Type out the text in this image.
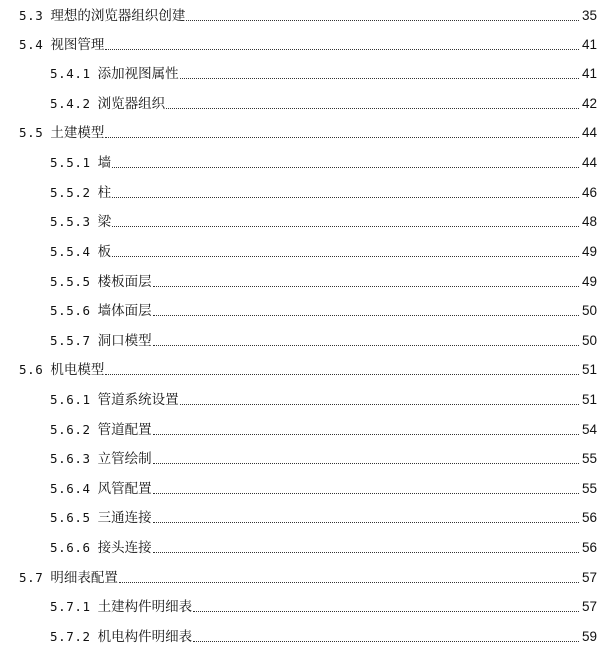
5.3 理想的浏览器组织创建	35
5.4 视图管理	41
5.4.1 添加视图属性	41
5.4.2 浏览器组织	42
5.5 土建模型	44
5.5.1 墙	44
5.5.2 柱	46
5.5.3 梁	48
5.5.4 板	49
5.5.5 楼板面层	49
5.5.6 墙体面层	50
5.5.7 洞口模型	50
5.6 机电模型	51
5.6.1 管道系统设置	51
5.6.2 管道配置	54
5.6.3 立管绘制	55
5.6.4 风管配置	55
5.6.5 三通连接	56
5.6.6 接头连接	56
5.7 明细表配置	57
5.7.1 土建构件明细表	57
5.7.2 机电构件明细表	59
